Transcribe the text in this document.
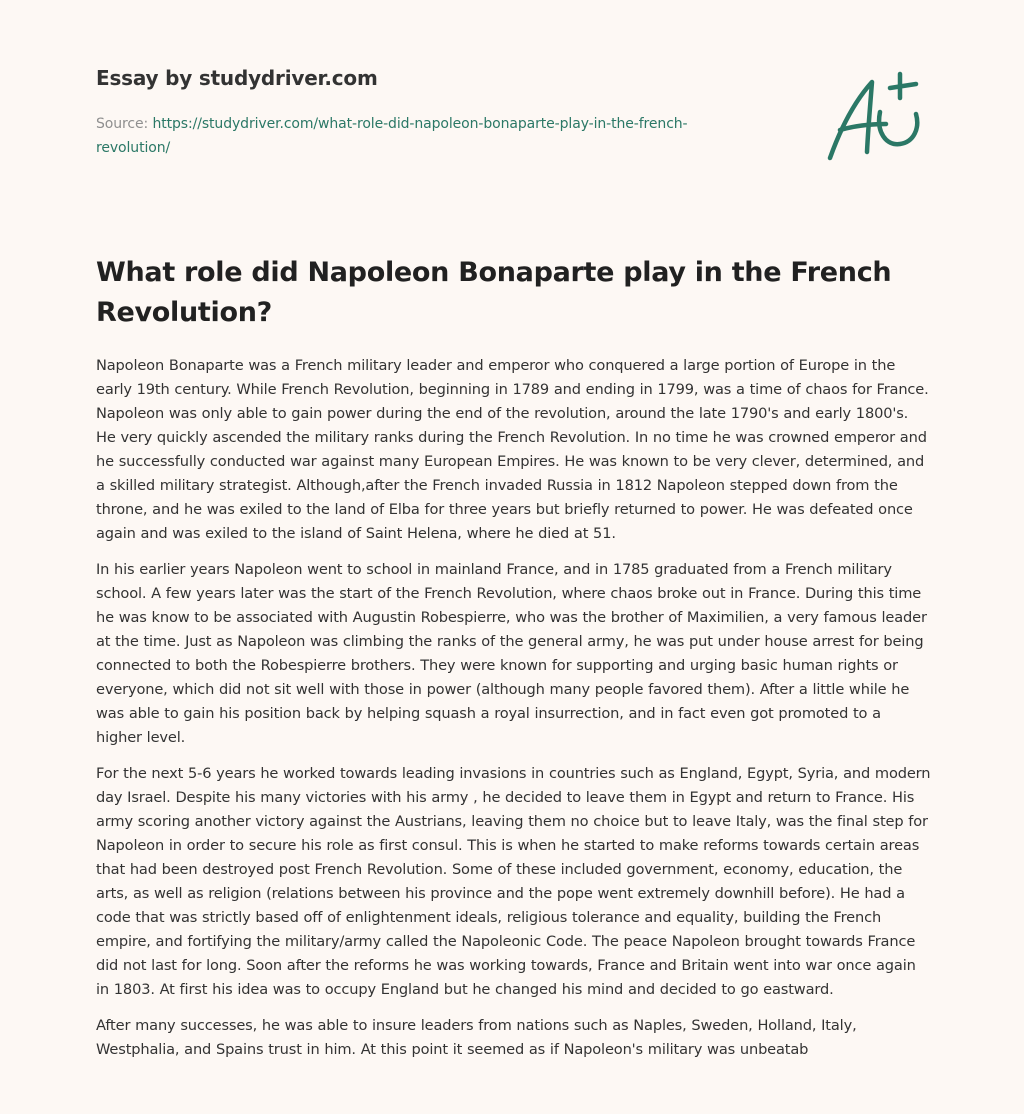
Essay by studydriver.com
Source: https://studydriver.com/what-role-did-napoleon-bonaparte-play-in-the-french-
revolution/
What role did Napoleon Bonaparte play in the French Revolution?

Napoleon Bonaparte was a French military leader and emperor who conquered a large portion of Europe in the early 19th century. While French Revolution, beginning in 1789 and ending in 1799, was a time of chaos for France. Napoleon was only able to gain power during the end of the revolution, around the late 1790's and early 1800's. He very quickly ascended the military ranks during the French Revolution. In no time he was crowned emperor and he successfully conducted war against many European Empires. He was known to be very clever, determined, and a skilled military strategist. Although,after the French invaded Russia in 1812 Napoleon stepped down from the throne, and he was exiled to the land of Elba for three years but briefly returned to power. He was defeated once again and was exiled to the island of Saint Helena, where he died at 51.

In his earlier years Napoleon went to school in mainland France, and in 1785 graduated from a French military school. A few years later was the start of the French Revolution, where chaos broke out in France. During this time he was know to be associated with Augustin Robespierre, who was the brother of Maximilien, a very famous leader at the time. Just as Napoleon was climbing the ranks of the general army, he was put under house arrest for being connected to both the Robespierre brothers. They were known for supporting and urging basic human rights or everyone, which did not sit well with those in power (although many people favored them). After a little while he was able to gain his position back by helping squash a royal insurrection, and in fact even got promoted to a higher level.

For the next 5-6 years he worked towards leading invasions in countries such as England, Egypt, Syria, and modern day Israel. Despite his many victories with his army , he decided to leave them in Egypt and return to France. His army scoring another victory against the Austrians, leaving them no choice but to leave Italy, was the final step for Napoleon in order to secure his role as first consul. This is when he started to make reforms towards certain areas that had been destroyed post French Revolution. Some of these included government, economy, education, the arts, as well as religion (relations between his province and the pope went extremely downhill before). He had a code that was strictly based off of enlightenment ideals, religious tolerance and equality, building the French empire, and fortifying the military/army called the Napoleonic Code. The peace Napoleon brought towards France did not last for long. Soon after the reforms he was working towards, France and Britain went into war once again in 1803. At first his idea was to occupy England but he changed his mind and decided to go eastward.

After many successes, he was able to insure leaders from nations such as Naples, Sweden, Holland, Italy, Westphalia, and Spains trust in him. At this point it seemed as if Napoleon's military was unbeatab
